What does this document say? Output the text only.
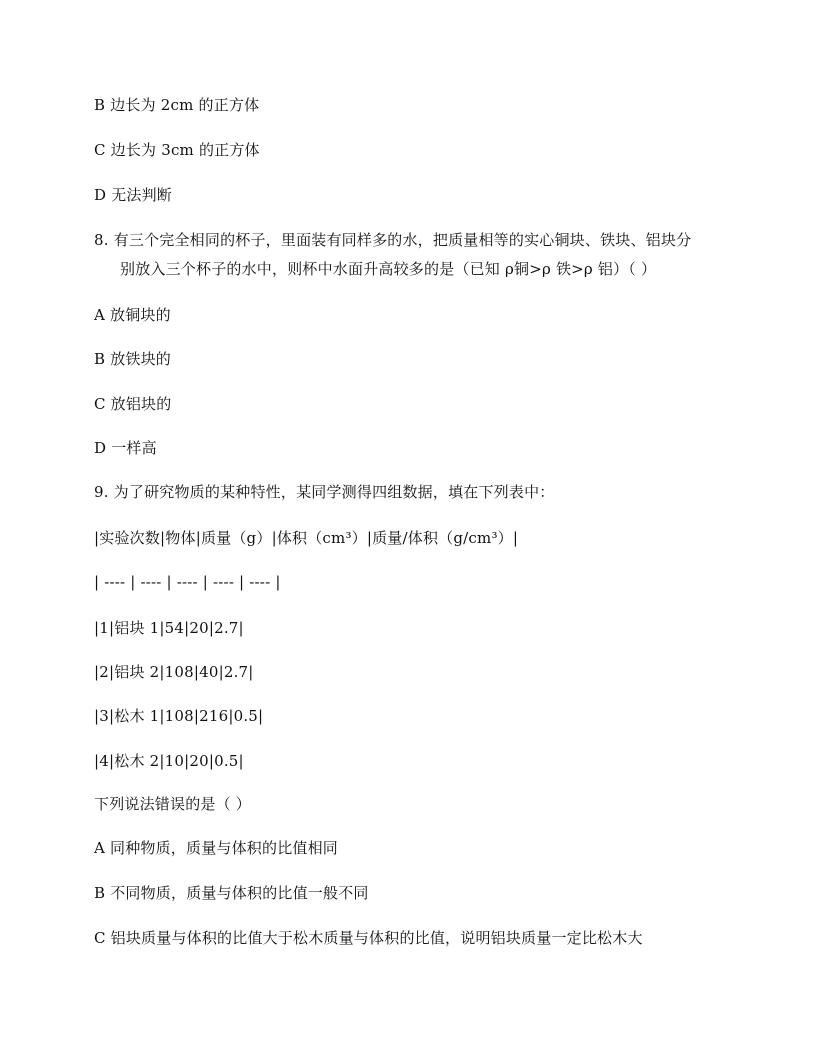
B 边长为 2cm 的正方体
C 边长为 3cm 的正方体
D 无法判断
8. 有三个完全相同的杯子，里面装有同样多的水，把质量相等的实心铜块、铁块、铝块分
别放入三个杯子的水中，则杯中水面升高较多的是（已知 ρ铜>ρ 铁>ρ 铝）（ ）
A 放铜块的
B 放铁块的
C 放铝块的
D 一样高
9. 为了研究物质的某种特性，某同学测得四组数据，填在下列表中：
|实验次数|物体|质量（g）|体积（cm³）|质量/体积（g/cm³）|
| ---- | ---- | ---- | ---- | ---- |
|1|铝块 1|54|20|2.7|
|2|铝块 2|108|40|2.7|
|3|松木 1|108|216|0.5|
|4|松木 2|10|20|0.5|
下列说法错误的是（ ）
A 同种物质，质量与体积的比值相同
B 不同物质，质量与体积的比值一般不同
C 铝块质量与体积的比值大于松木质量与体积的比值，说明铝块质量一定比松木大
